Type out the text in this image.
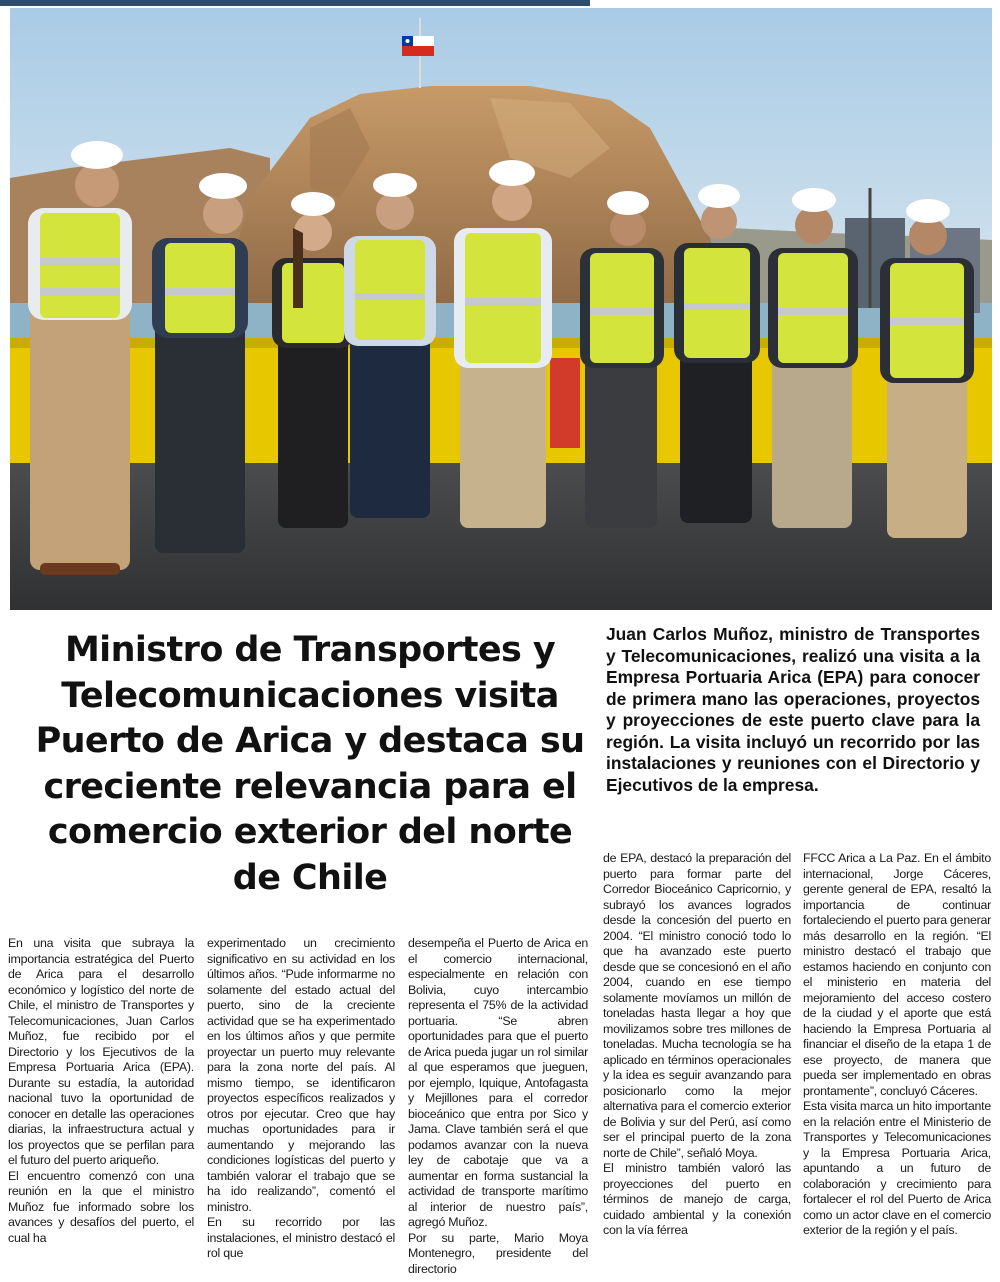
Ministro de Transportes y Telecomunicaciones visita Puerto de Arica y destaca su creciente relevancia para el comercio exterior del norte de Chile

Juan Carlos Muñoz, ministro de Transportes y Telecomunicaciones, realizó una visita a la Empresa Portuaria Arica (EPA) para conocer de primera mano las operaciones, proyectos y proyecciones de este puerto clave para la región. La visita incluyó un recorrido por las instalaciones y reuniones con el Directorio y Ejecutivos de la empresa.

En una visita que subraya la importancia estratégica del Puerto de Arica para el desarrollo económico y logístico del norte de Chile, el ministro de Transportes y Telecomunicaciones, Juan Carlos Muñoz, fue recibido por el Directorio y los Ejecutivos de la Empresa Portuaria Arica (EPA). Durante su estadía, la autoridad nacional tuvo la oportunidad de conocer en detalle las operaciones diarias, la infraestructura actual y los proyectos que se perfilan para el futuro del puerto ariqueño.

El encuentro comenzó con una reunión en la que el ministro Muñoz fue informado sobre los avances y desafíos del puerto, el cual ha

experimentado un crecimiento significativo en su actividad en los últimos años. “Pude informarme no solamente del estado actual del puerto, sino de la creciente actividad que se ha experimentado en los últimos años y que permite proyectar un puerto muy relevante para la zona norte del país. Al mismo tiempo, se identificaron proyectos específicos realizados y otros por ejecutar. Creo que hay muchas oportunidades para ir aumentando y mejorando las condiciones logísticas del puerto y también valorar el trabajo que se ha ido realizando”, comentó el ministro.

En su recorrido por las instalaciones, el ministro destacó el rol que

desempeña el Puerto de Arica en el comercio internacional, especialmente en relación con Bolivia, cuyo intercambio representa el 75% de la actividad portuaria. “Se abren oportunidades para que el puerto de Arica pueda jugar un rol similar al que esperamos que jueguen, por ejemplo, Iquique, Antofagasta y Mejillones para el corredor bioceánico que entra por Sico y Jama. Clave también será el que podamos avanzar con la nueva ley de cabotaje que va a aumentar en forma sustancial la actividad de transporte marítimo al interior de nuestro país”, agregó Muñoz.

Por su parte, Mario Moya Montenegro, presidente del directorio

de EPA, destacó la preparación del puerto para formar parte del Corredor Bioceánico Capricornio, y subrayó los avances logrados desde la concesión del puerto en 2004. “El ministro conoció todo lo que ha avanzado este puerto desde que se concesionó en el año 2004, cuando en ese tiempo solamente movíamos un millón de toneladas hasta llegar a hoy que movilizamos sobre tres millones de toneladas. Mucha tecnología se ha aplicado en términos operacionales y la idea es seguir avanzando para posicionarlo como la mejor alternativa para el comercio exterior de Bolivia y sur del Perú, así como ser el principal puerto de la zona norte de Chile”, señaló Moya.

El ministro también valoró las proyecciones del puerto en términos de manejo de carga, cuidado ambiental y la conexión con la vía férrea

FFCC Arica a La Paz. En el ámbito internacional, Jorge Cáceres, gerente general de EPA, resaltó la importancia de continuar fortaleciendo el puerto para generar más desarrollo en la región. “El ministro destacó el trabajo que estamos haciendo en conjunto con el ministerio en materia del mejoramiento del acceso costero de la ciudad y el aporte que está haciendo la Empresa Portuaria al financiar el diseño de la etapa 1 de ese proyecto, de manera que pueda ser implementado en obras prontamente”, concluyó Cáceres.

Esta visita marca un hito importante en la relación entre el Ministerio de Transportes y Telecomunicaciones y la Empresa Portuaria Arica, apuntando a un futuro de colaboración y crecimiento para fortalecer el rol del Puerto de Arica como un actor clave en el comercio exterior de la región y el país.
